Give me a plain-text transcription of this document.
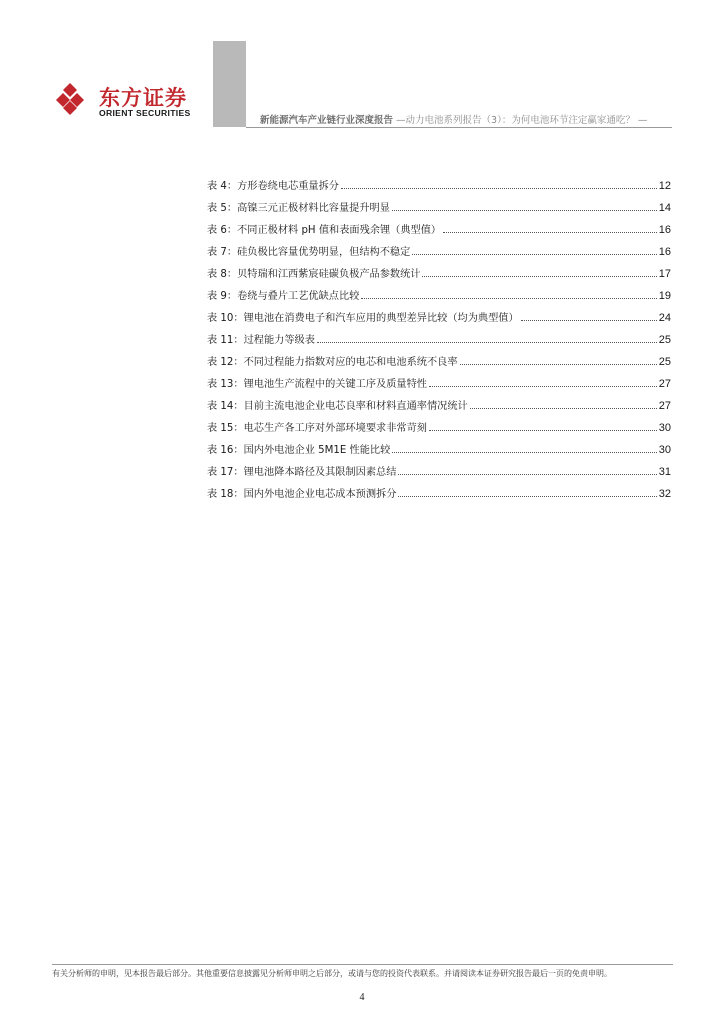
东方证券
ORIENT SECURITIES
新能源汽车产业链行业深度报告 —动力电池系列报告（3）：为何电池环节注定赢家通吃？ —
表 4：方形卷绕电芯重量拆分	12
表 5：高镍三元正极材料比容量提升明显	14
表 6：不同正极材料 pH 值和表面残余锂（典型值）	16
表 7：硅负极比容量优势明显，但结构不稳定	16
表 8：贝特瑞和江西紫宸硅碳负极产品参数统计	17
表 9：卷绕与叠片工艺优缺点比较	19
表 10：锂电池在消费电子和汽车应用的典型差异比较（均为典型值）	24
表 11：过程能力等级表	25
表 12：不同过程能力指数对应的电芯和电池系统不良率	25
表 13：锂电池生产流程中的关键工序及质量特性	27
表 14：目前主流电池企业电芯良率和材料直通率情况统计	27
表 15：电芯生产各工序对外部环境要求非常苛刻	30
表 16：国内外电池企业 5M1E 性能比较	30
表 17：锂电池降本路径及其限制因素总结	31
表 18：国内外电池企业电芯成本预测拆分	32
有关分析师的申明，见本报告最后部分。其他重要信息披露见分析师申明之后部分，或请与您的投资代表联系。并请阅读本证券研究报告最后一页的免责申明。
4
